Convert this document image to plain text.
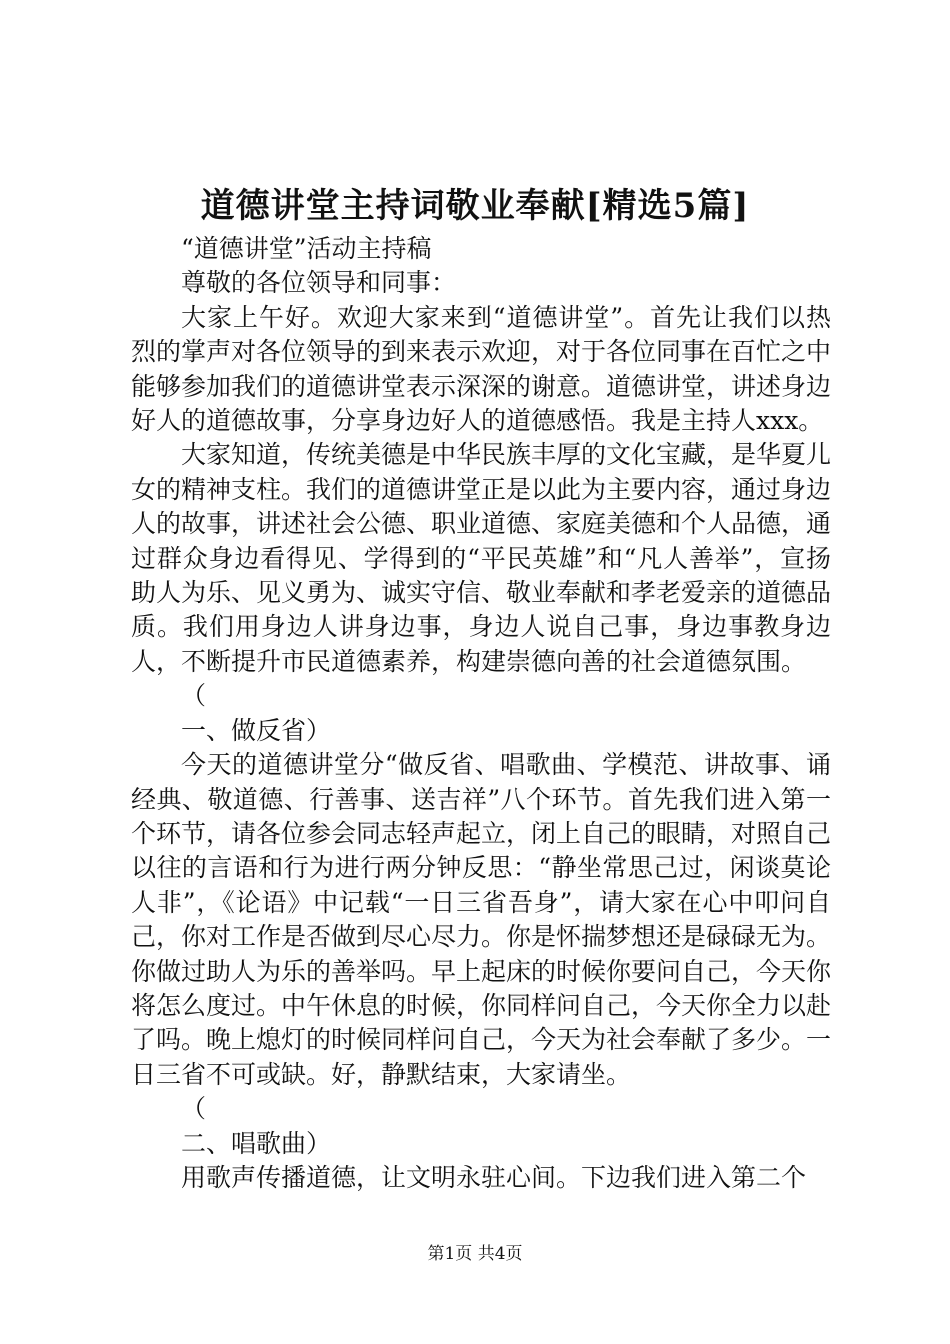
道德讲堂主持词敬业奉献[精选5篇]

“道德讲堂”活动主持稿

尊敬的各位领导和同事：

大家上午好。欢迎大家来到“道德讲堂”。首先让我们以热烈的掌声对各位领导的到来表示欢迎，对于各位同事在百忙之中能够参加我们的道德讲堂表示深深的谢意。道德讲堂，讲述身边好人的道德故事，分享身边好人的道德感悟。我是主持人xxx。

大家知道，传统美德是中华民族丰厚的文化宝藏，是华夏儿女的精神支柱。我们的道德讲堂正是以此为主要内容，通过身边人的故事，讲述社会公德、职业道德、家庭美德和个人品德，通过群众身边看得见、学得到的“平民英雄”和“凡人善举”，宣扬助人为乐、见义勇为、诚实守信、敬业奉献和孝老爱亲的道德品质。我们用身边人讲身边事，身边人说自己事，身边事教身边人，不断提升市民道德素养，构建崇德向善的社会道德氛围。

（

一、做反省）

今天的道德讲堂分“做反省、唱歌曲、学模范、讲故事、诵经典、敬道德、行善事、送吉祥”八个环节。首先我们进入第一个环节，请各位参会同志轻声起立，闭上自己的眼睛，对照自己以往的言语和行为进行两分钟反思：“静坐常思己过，闲谈莫论人非”，《论语》中记载“一日三省吾身”，请大家在心中叩问自己，你对工作是否做到尽心尽力。你是怀揣梦想还是碌碌无为。你做过助人为乐的善举吗。早上起床的时候你要问自己，今天你将怎么度过。中午休息的时候，你同样问自己，今天你全力以赴了吗。晚上熄灯的时候同样问自己，今天为社会奉献了多少。一日三省不可或缺。好，静默结束，大家请坐。

（

二、唱歌曲）

用歌声传播道德，让文明永驻心间。下边我们进入第二个

第1页 共4页
